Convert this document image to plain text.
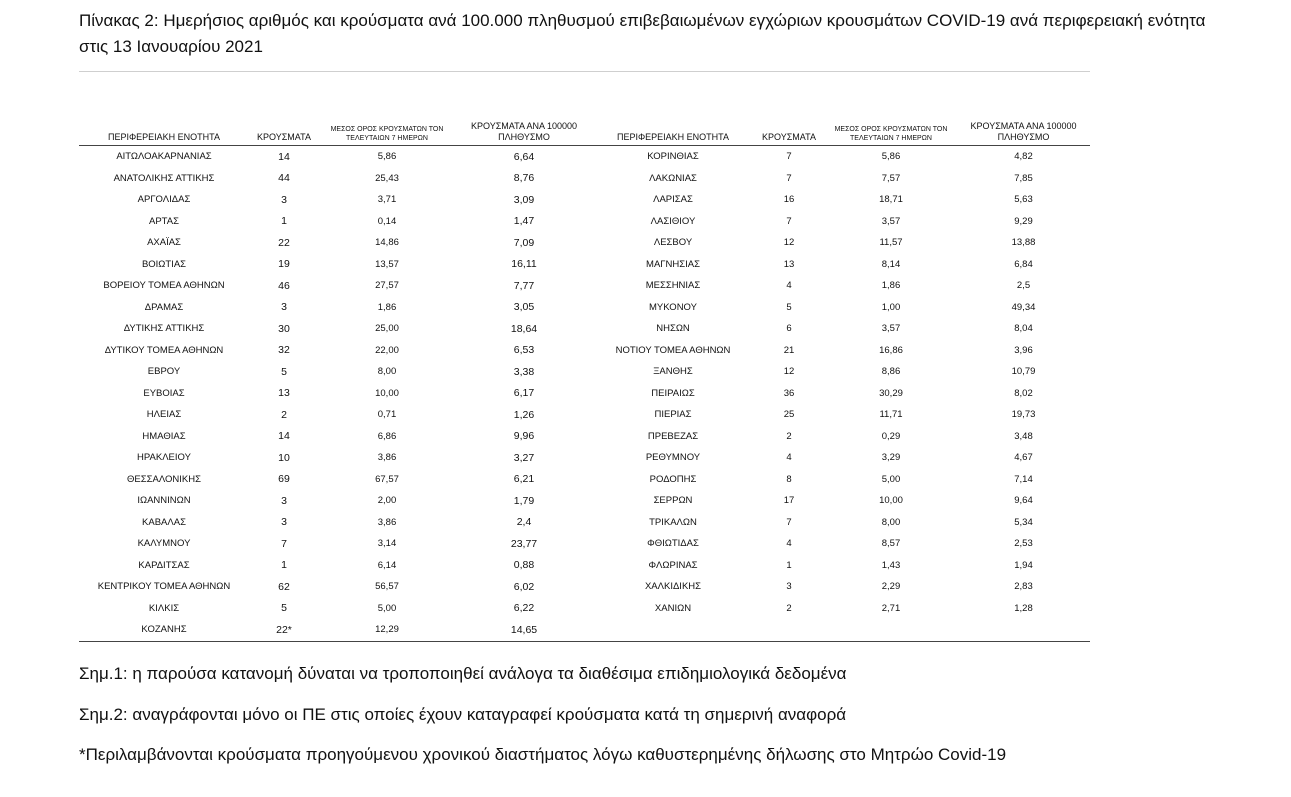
Πίνακας 2: Ημερήσιος αριθμός και κρούσματα ανά 100.000 πληθυσμού επιβεβαιωμένων εγχώριων κρουσμάτων COVID-19 ανά περιφερειακή ενότητα στις 13 Ιανουαρίου 2021
ΠΕΡΙΦΕΡΕΙΑΚΗ ΕΝΟΤΗΤΑ	ΚΡΟΥΣΜΑΤΑ	ΜΕΣΟΣ ΟΡΟΣ ΚΡΟΥΣΜΑΤΩΝ ΤΟΝ ΤΕΛΕΥΤΑΙΩΝ 7 ΗΜΕΡΩΝ	ΚΡΟΥΣΜΑΤΑ ΑΝΑ 100000 ΠΛΗΘΥΣΜΟ	ΠΕΡΙΦΕΡΕΙΑΚΗ ΕΝΟΤΗΤΑ	ΚΡΟΥΣΜΑΤΑ	ΜΕΣΟΣ ΟΡΟΣ ΚΡΟΥΣΜΑΤΩΝ ΤΟΝ ΤΕΛΕΥΤΑΙΩΝ 7 ΗΜΕΡΩΝ	ΚΡΟΥΣΜΑΤΑ ΑΝΑ 100000 ΠΛΗΘΥΣΜΟ
ΑΙΤΩΛΟΑΚΑΡΝΑΝΙΑΣ	14	5,86	6,64	ΚΟΡΙΝΘΙΑΣ	7	5,86	4,82
ΑΝΑΤΟΛΙΚΗΣ ΑΤΤΙΚΗΣ	44	25,43	8,76	ΛΑΚΩΝΙΑΣ	7	7,57	7,85
ΑΡΓΟΛΙΔΑΣ	3	3,71	3,09	ΛΑΡΙΣΑΣ	16	18,71	5,63
ΑΡΤΑΣ	1	0,14	1,47	ΛΑΣΙΘΙΟΥ	7	3,57	9,29
ΑΧΑΪΑΣ	22	14,86	7,09	ΛΕΣΒΟΥ	12	11,57	13,88
ΒΟΙΩΤΙΑΣ	19	13,57	16,11	ΜΑΓΝΗΣΙΑΣ	13	8,14	6,84
ΒΟΡΕΙΟΥ ΤΟΜΕΑ ΑΘΗΝΩΝ	46	27,57	7,77	ΜΕΣΣΗΝΙΑΣ	4	1,86	2,5
ΔΡΑΜΑΣ	3	1,86	3,05	ΜΥΚΟΝΟΥ	5	1,00	49,34
ΔΥΤΙΚΗΣ ΑΤΤΙΚΗΣ	30	25,00	18,64	ΝΗΣΩΝ	6	3,57	8,04
ΔΥΤΙΚΟΥ ΤΟΜΕΑ ΑΘΗΝΩΝ	32	22,00	6,53	ΝΟΤΙΟΥ ΤΟΜΕΑ ΑΘΗΝΩΝ	21	16,86	3,96
ΕΒΡΟΥ	5	8,00	3,38	ΞΑΝΘΗΣ	12	8,86	10,79
ΕΥΒΟΙΑΣ	13	10,00	6,17	ΠΕΙΡΑΙΩΣ	36	30,29	8,02
ΗΛΕΙΑΣ	2	0,71	1,26	ΠΙΕΡΙΑΣ	25	11,71	19,73
ΗΜΑΘΙΑΣ	14	6,86	9,96	ΠΡΕΒΕΖΑΣ	2	0,29	3,48
ΗΡΑΚΛΕΙΟΥ	10	3,86	3,27	ΡΕΘΥΜΝΟΥ	4	3,29	4,67
ΘΕΣΣΑΛΟΝΙΚΗΣ	69	67,57	6,21	ΡΟΔΟΠΗΣ	8	5,00	7,14
ΙΩΑΝΝΙΝΩΝ	3	2,00	1,79	ΣΕΡΡΩΝ	17	10,00	9,64
ΚΑΒΑΛΑΣ	3	3,86	2,4	ΤΡΙΚΑΛΩΝ	7	8,00	5,34
ΚΑΛΥΜΝΟΥ	7	3,14	23,77	ΦΘΙΩΤΙΔΑΣ	4	8,57	2,53
ΚΑΡΔΙΤΣΑΣ	1	6,14	0,88	ΦΛΩΡΙΝΑΣ	1	1,43	1,94
ΚΕΝΤΡΙΚΟΥ ΤΟΜΕΑ ΑΘΗΝΩΝ	62	56,57	6,02	ΧΑΛΚΙΔΙΚΗΣ	3	2,29	2,83
ΚΙΛΚΙΣ	5	5,00	6,22	ΧΑΝΙΩΝ	2	2,71	1,28
ΚΟΖΑΝΗΣ	22*	12,29	14,65				
Σημ.1: η παρούσα κατανομή δύναται να τροποποιηθεί ανάλογα τα διαθέσιμα επιδημιολογικά δεδομένα
Σημ.2: αναγράφονται μόνο οι ΠΕ στις οποίες έχουν καταγραφεί κρούσματα κατά τη σημερινή αναφορά
*Περιλαμβάνονται κρούσματα προηγούμενου χρονικού διαστήματος λόγω καθυστερημένης δήλωσης στο Μητρώο Covid-19
